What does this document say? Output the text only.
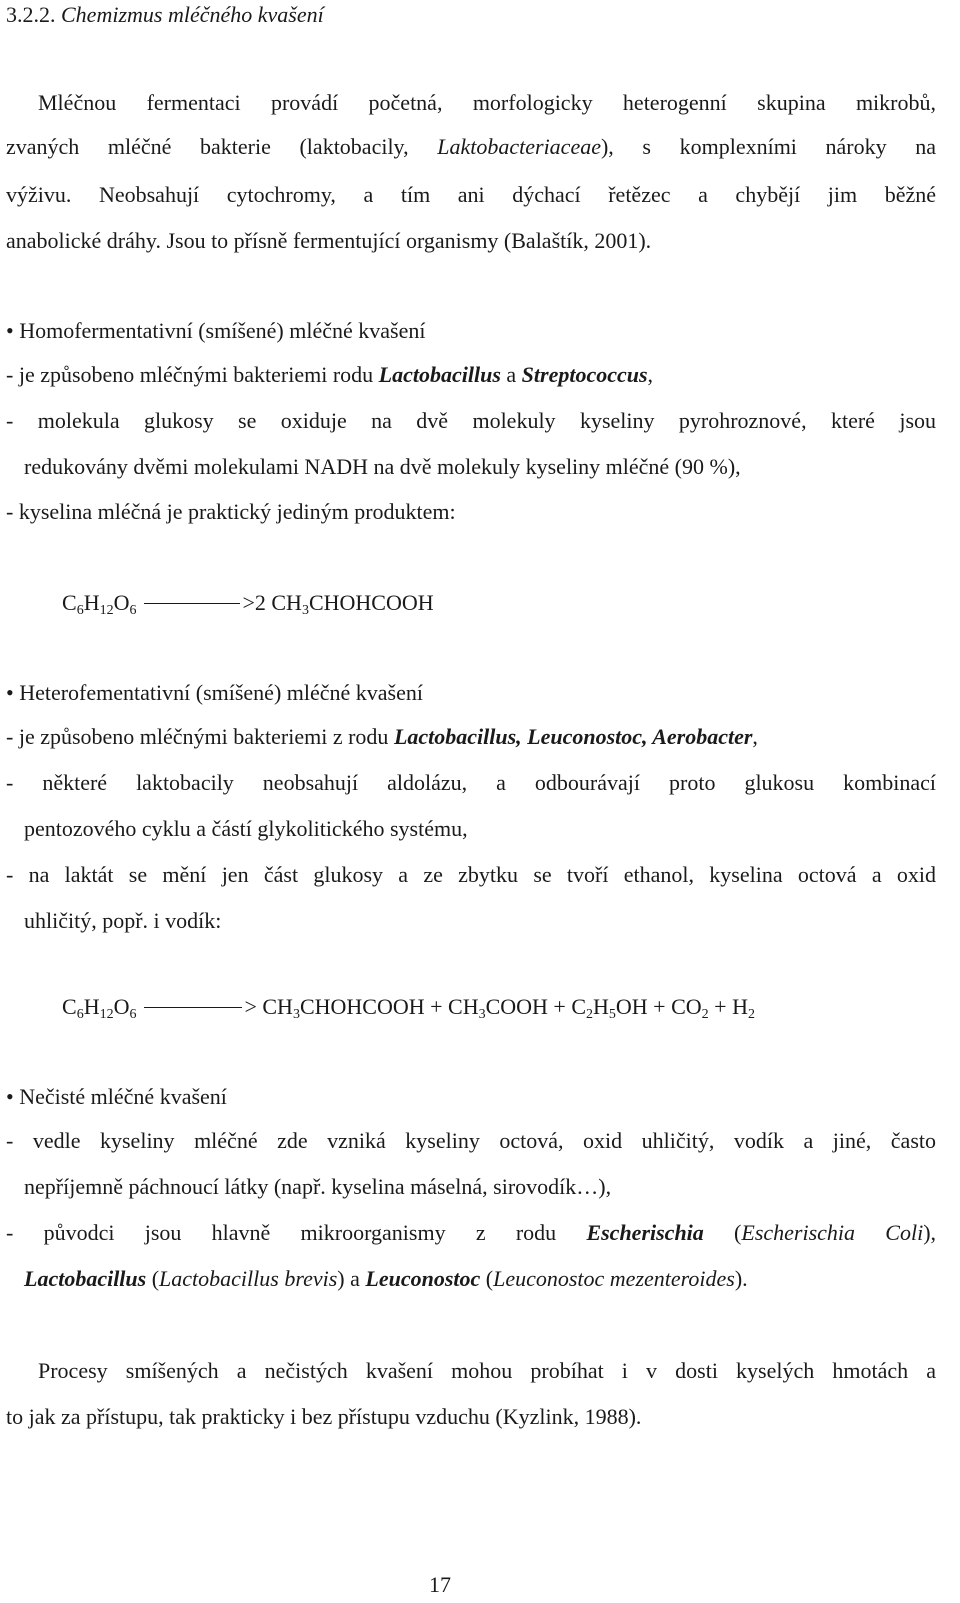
3.2.2. Chemizmus mléčného kvašení
Mléčnou fermentaci provádí početná, morfologicky heterogenní skupina mikrobů,
zvaných mléčné bakterie (laktobacily, Laktobacteriaceae), s komplexními nároky na
výživu. Neobsahují cytochromy, a tím ani dýchací řetězec a chybějí jim běžné
anabolické dráhy. Jsou to přísně fermentující organismy (Balaštík, 2001).
• Homofermentativní (smíšené) mléčné kvašení
- je způsobeno mléčnými bakteriemi rodu Lactobacillus a Streptococcus,
- molekula glukosy se oxiduje na dvě molekuly kyseliny pyrohroznové, které jsou
redukovány dvěmi molekulami NADH na dvě molekuly kyseliny mléčné (90 %),
- kyselina mléčná je praktický jediným produktem:
$C_6H_{12}O_6$	>2 $CH_3CHOHCOOH$
• Heterofementativní (smíšené) mléčné kvašení
- je způsobeno mléčnými bakteriemi z rodu Lactobacillus, Leuconostoc, Aerobacter,
- některé laktobacily neobsahují aldolázu, a odbourávají proto glukosu kombinací
pentozového cyklu a částí glykolitického systému,
- na laktát se mění jen část glukosy a ze zbytku se tvoří ethanol, kyselina octová a oxid
uhličitý, popř. i vodík:
$C_6H_{12}O_6$	> $CH_3CHOHCOOH$ + $CH_3COOH + C_2H_5OH + CO_2 + H_2$
• Nečisté mléčné kvašení
- vedle kyseliny mléčné zde vzniká kyseliny octová, oxid uhličitý, vodík a jiné, často
nepříjemně páchnoucí látky (např. kyselina máselná, sirovodík…),
- původci jsou hlavně mikroorganismy z rodu Escherischia (Escherischia Coli),
Lactobacillus (Lactobacillus brevis) a Leuconostoc (Leuconostoc mezenteroides).
Procesy smíšených a nečistých kvašení mohou probíhat i v dosti kyselých hmotách a
to jak za přístupu, tak prakticky i bez přístupu vzduchu (Kyzlink, 1988).
17
